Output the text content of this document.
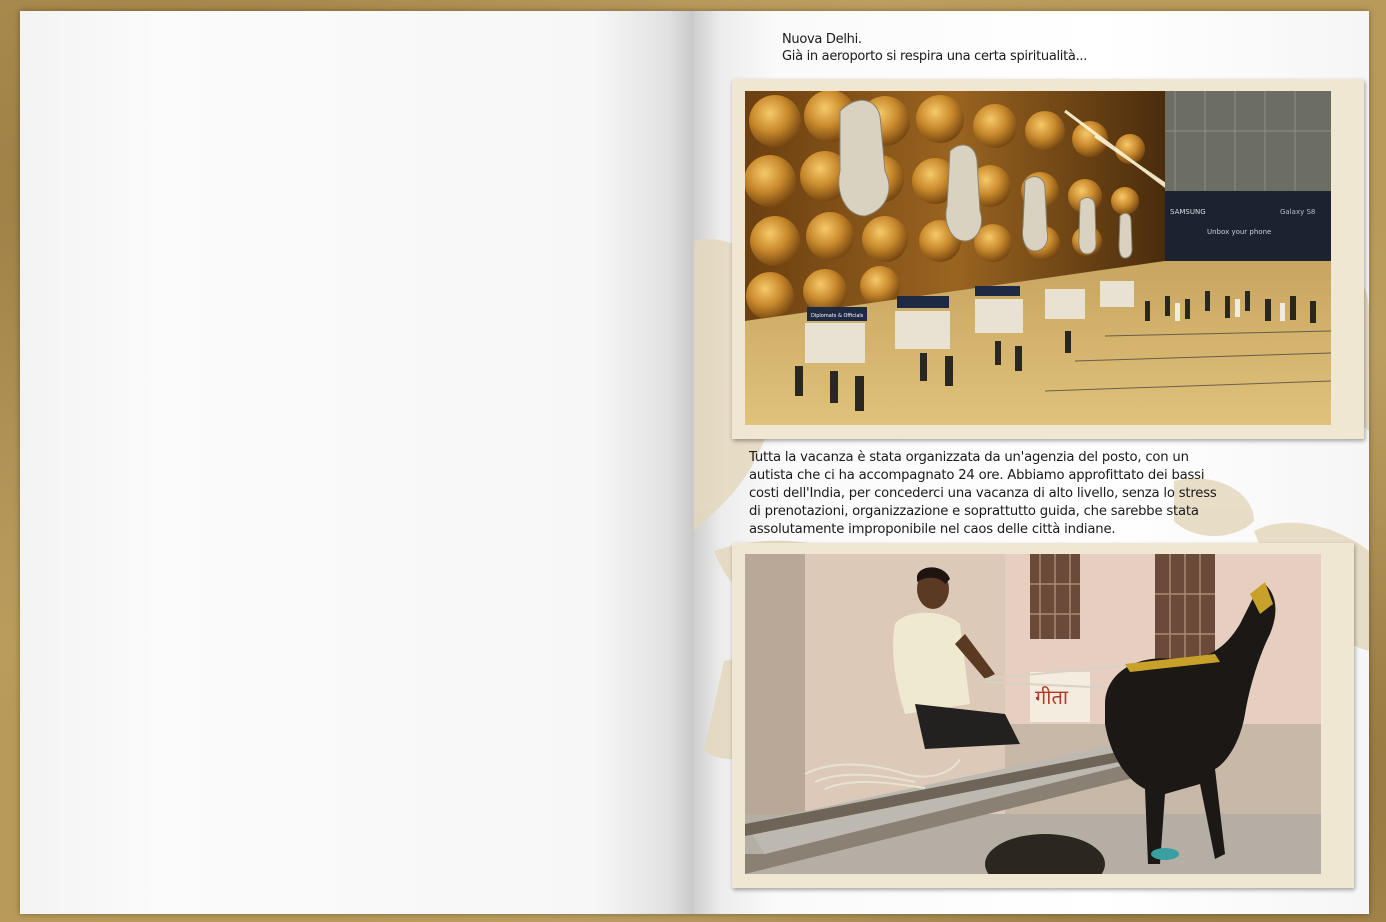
Nuova Delhi.
Già in aeroporto si respira una certa spiritualità...
SAMSUNG	Galaxy S8
Unbox your phone
Diplomats & Officials
Tutta la vacanza è stata organizzata da un'agenzia del posto, con un
autista che ci ha accompagnato 24 ore. Abbiamo approfittato dei bassi
costi dell'India, per concederci una vacanza di alto livello, senza lo stress
di prenotazioni, organizzazione e soprattutto guida, che sarebbe stata
assolutamente improponibile nel caos delle città indiane.
गीता
